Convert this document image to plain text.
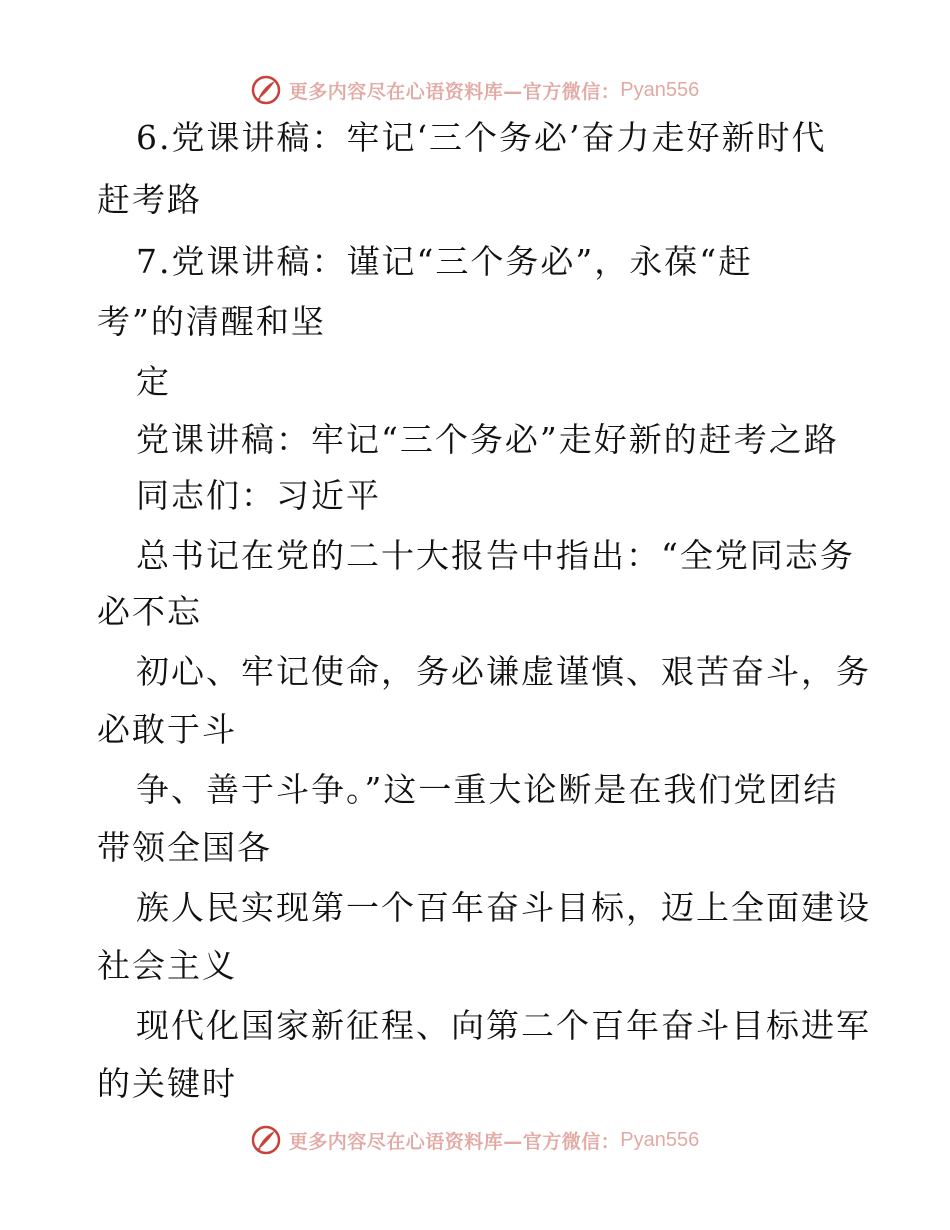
更多内容尽在心语资料库—官方微信： Pyan556
6.党课讲稿：牢记‘三个务必’奋力走好新时代
赶考路
7.党课讲稿：谨记“三个务必”，永葆“赶
考”的清醒和坚
定
党课讲稿：牢记“三个务必”走好新的赶考之路
同志们：习近平
总书记在党的二十大报告中指出：“全党同志务
必不忘
初心、牢记使命，务必谦虚谨慎、艰苦奋斗，务
必敢于斗
争、善于斗争。”这一重大论断是在我们党团结
带领全国各
族人民实现第一个百年奋斗目标，迈上全面建设
社会主义
现代化国家新征程、向第二个百年奋斗目标进军
的关键时
更多内容尽在心语资料库—官方微信： Pyan556
